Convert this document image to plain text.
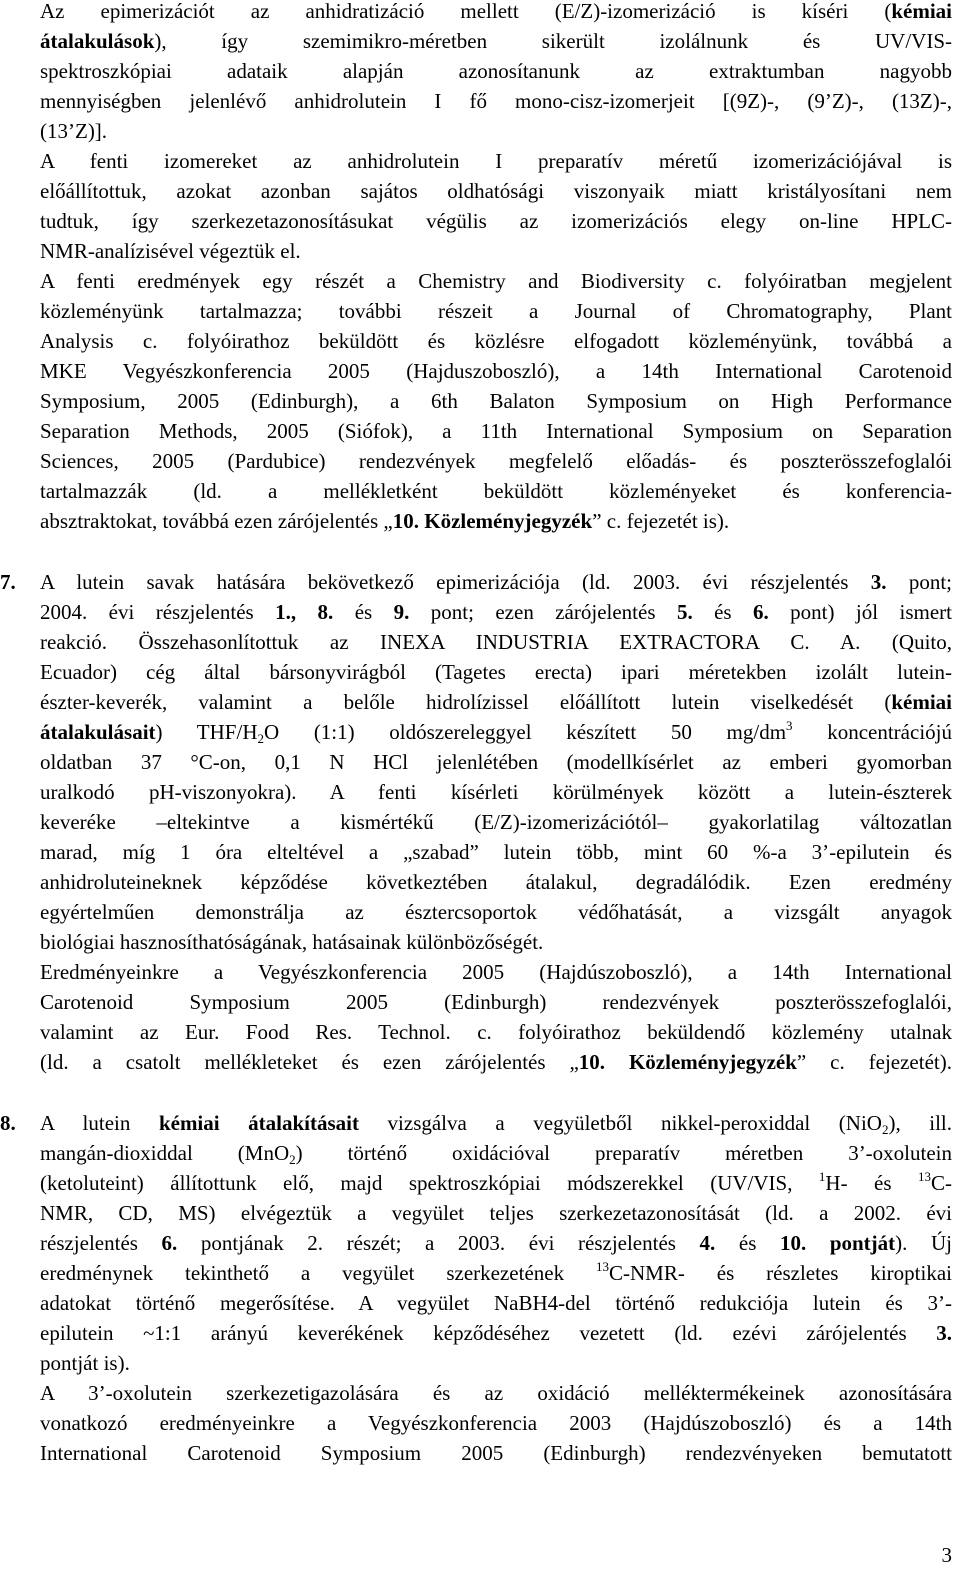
Az epimerizációt az anhidratizáció mellett (E/Z)-izomerizáció is kíséri (kémiai
átalakulások), így szemimikro-méretben sikerült izolálnunk és UV/VIS-
spektroszkópiai adataik alapján azonosítanunk az extraktumban nagyobb
mennyiségben jelenlévő anhidrolutein I fő mono-cisz-izomerjeit [(9Z)-, (9’Z)-, (13Z)-,
(13’Z)].
A fenti izomereket az anhidrolutein I preparatív méretű izomerizációjával is
előállítottuk, azokat azonban sajátos oldhatósági viszonyaik miatt kristályosítani nem
tudtuk, így szerkezetazonosításukat végülis az izomerizációs elegy on-line HPLC-
NMR-analízisével végeztük el.
A fenti eredmények egy részét a Chemistry and Biodiversity c. folyóiratban megjelent
közleményünk tartalmazza; további részeit a Journal of Chromatography, Plant
Analysis c. folyóirathoz beküldött és közlésre elfogadott közleményünk, továbbá a
MKE Vegyészkonferencia 2005 (Hajduszoboszló), a 14th International Carotenoid
Symposium, 2005 (Edinburgh), a 6th Balaton Symposium on High Performance
Separation Methods, 2005 (Siófok), a 11th International Symposium on Separation
Sciences, 2005 (Pardubice) rendezvények megfelelő előadás- és poszterösszefoglalói
tartalmazzák (ld. a mellékletként beküldött közleményeket és konferencia-
absztraktokat, továbbá ezen zárójelentés „10. Közleményjegyzék” c. fejezetét is).
7.	A lutein savak hatására bekövetkező epimerizációja (ld. 2003. évi részjelentés 3. pont;
2004. évi részjelentés 1., 8. és 9. pont; ezen zárójelentés 5. és 6. pont) jól ismert
reakció. Összehasonlítottuk az INEXA INDUSTRIA EXTRACTORA C. A. (Quito,
Ecuador) cég által bársonyvirágból (Tagetes erecta) ipari méretekben izolált lutein-
észter-keverék, valamint a belőle hidrolízissel előállított lutein viselkedését (kémiai
átalakulásait) THF/$H_2O$ (1:1) oldószereleggyel készített 50 $mg/dm^3$ koncentrációjú
oldatban 37 °C-on, 0,1 N HCl jelenlétében (modellkísérlet az emberi gyomorban
uralkodó pH-viszonyokra). A fenti kísérleti körülmények között a lutein-észterek
keveréke –eltekintve a kismértékű (E/Z)-izomerizációtól– gyakorlatilag változatlan
marad, míg 1 óra elteltével a „szabad” lutein több, mint 60 %-a 3’-epilutein és
anhidroluteineknek képződése következtében átalakul, degradálódik. Ezen eredmény
egyértelműen demonstrálja az észtercsoportok védőhatását, a vizsgált anyagok
biológiai hasznosíthatóságának, hatásainak különbözőségét.
Eredményeinkre a Vegyészkonferencia 2005 (Hajdúszoboszló), a 14th International
Carotenoid Symposium 2005 (Edinburgh) rendezvények poszterösszefoglalói,
valamint az Eur. Food Res. Technol. c. folyóirathoz beküldendő közlemény utalnak
(ld. a csatolt mellékleteket és ezen zárójelentés „10. Közleményjegyzék” c. fejezetét).
8.	A lutein kémiai átalakításait vizsgálva a vegyületből nikkel-peroxiddal (NiO$_2$), ill.
mangán-dioxiddal (MnO$_2$) történő oxidációval preparatív méretben 3’-oxolutein
(ketoluteint) állítottunk elő, majd spektroszkópiai módszerekkel (UV/VIS, $^1$H- és $^{13}$C-
NMR, CD, MS) elvégeztük a vegyület teljes szerkezetazonosítását (ld. a 2002. évi
részjelentés 6. pontjának 2. részét; a 2003. évi részjelentés 4. és 10. pontját). Új
eredménynek tekinthető a vegyület szerkezetének $^{13}$C-NMR- és részletes kiroptikai
adatokat történő megerősítése. A vegyület NaBH4-del történő redukciója lutein és 3’-
epilutein ~1:1 arányú keverékének képződéséhez vezetett (ld. ezévi zárójelentés 3.
pontját is).
A 3’-oxolutein szerkezetigazolására és az oxidáció melléktermékeinek azonosítására
vonatkozó eredményeinkre a Vegyészkonferencia 2003 (Hajdúszoboszló) és a 14th
International Carotenoid Symposium 2005 (Edinburgh) rendezvényeken bemutatott
3
